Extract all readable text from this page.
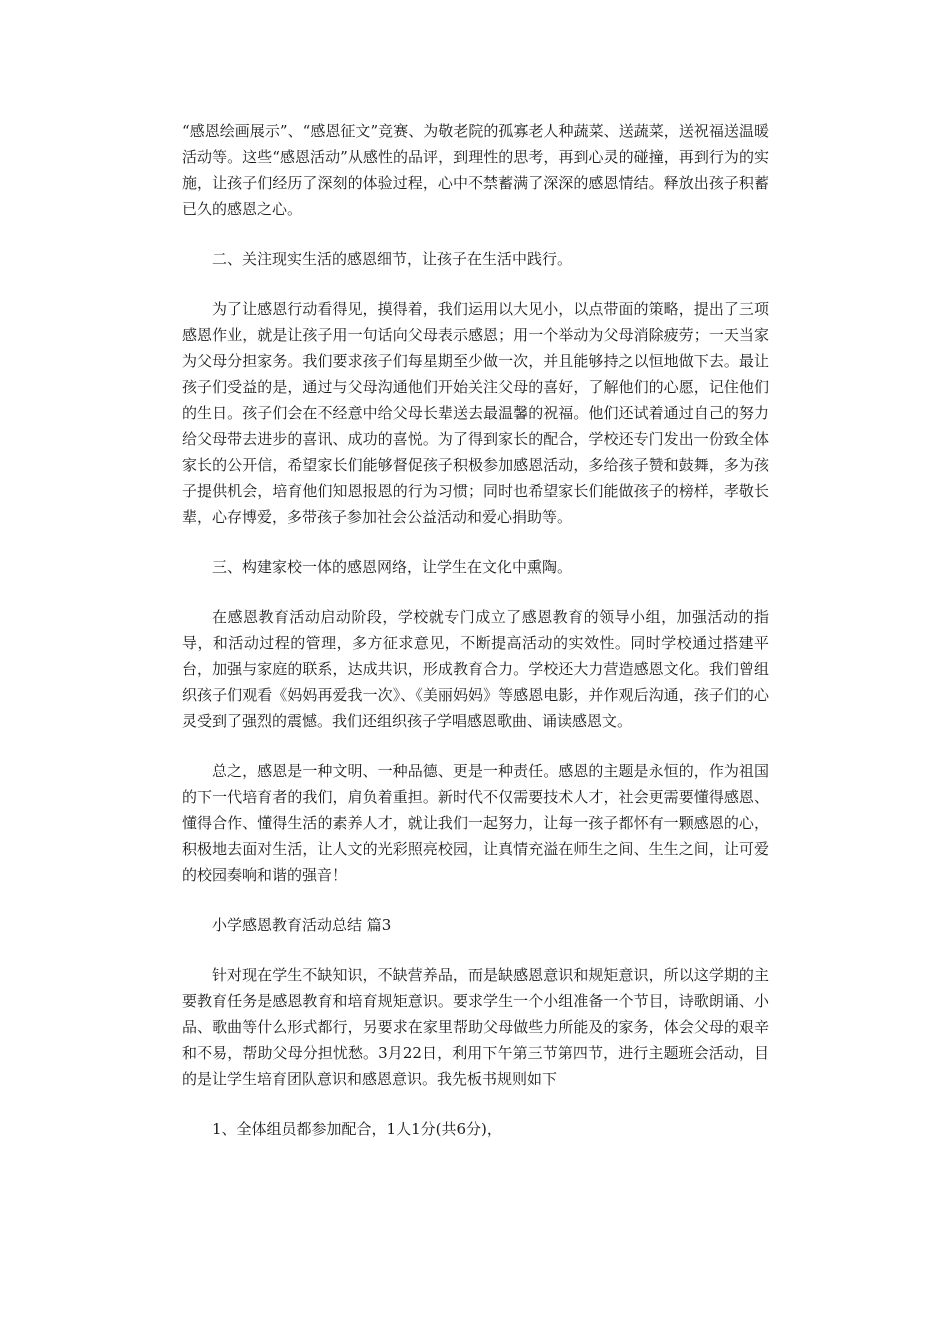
“感恩绘画展示”、“感恩征文”竞赛、为敬老院的孤寡老人种蔬菜、送蔬菜，送祝福送温暖活动等。这些“感恩活动”从感性的品评，到理性的思考，再到心灵的碰撞，再到行为的实施，让孩子们经历了深刻的体验过程，心中不禁蓄满了深深的感恩情结。释放出孩子积蓄已久的感恩之心。

二、关注现实生活的感恩细节，让孩子在生活中践行。

为了让感恩行动看得见，摸得着，我们运用以大见小，以点带面的策略，提出了三项感恩作业，就是让孩子用一句话向父母表示感恩；用一个举动为父母消除疲劳；一天当家为父母分担家务。我们要求孩子们每星期至少做一次，并且能够持之以恒地做下去。最让孩子们受益的是，通过与父母沟通他们开始关注父母的喜好，了解他们的心愿，记住他们的生日。孩子们会在不经意中给父母长辈送去最温馨的祝福。他们还试着通过自己的努力给父母带去进步的喜讯、成功的喜悦。为了得到家长的配合，学校还专门发出一份致全体家长的公开信，希望家长们能够督促孩子积极参加感恩活动，多给孩子赞和鼓舞，多为孩子提供机会，培育他们知恩报恩的行为习惯；同时也希望家长们能做孩子的榜样，孝敬长辈，心存博爱，多带孩子参加社会公益活动和爱心捐助等。

三、构建家校一体的感恩网络，让学生在文化中熏陶。

在感恩教育活动启动阶段，学校就专门成立了感恩教育的领导小组，加强活动的指导，和活动过程的管理，多方征求意见，不断提高活动的实效性。同时学校通过搭建平台，加强与家庭的联系，达成共识，形成教育合力。学校还大力营造感恩文化。我们曾组织孩子们观看《妈妈再爱我一次》、《美丽妈妈》等感恩电影，并作观后沟通，孩子们的心灵受到了强烈的震憾。我们还组织孩子学唱感恩歌曲、诵读感恩文。

总之，感恩是一种文明、一种品德、更是一种责任。感恩的主题是永恒的，作为祖国的下一代培育者的我们，肩负着重担。新时代不仅需要技术人才，社会更需要懂得感恩、懂得合作、懂得生活的素养人才，就让我们一起努力，让每一孩子都怀有一颗感恩的心，积极地去面对生活，让人文的光彩照亮校园，让真情充溢在师生之间、生生之间，让可爱的校园奏响和谐的强音！

小学感恩教育活动总结 篇3

针对现在学生不缺知识，不缺营养品，而是缺感恩意识和规矩意识，所以这学期的主要教育任务是感恩教育和培育规矩意识。要求学生一个小组准备一个节目，诗歌朗诵、小品、歌曲等什么形式都行，另要求在家里帮助父母做些力所能及的家务，体会父母的艰辛和不易，帮助父母分担忧愁。3月22日，利用下午第三节第四节，进行主题班会活动，目的是让学生培育团队意识和感恩意识。我先板书规则如下

1、全体组员都参加配合，1人1分(共6分)，
